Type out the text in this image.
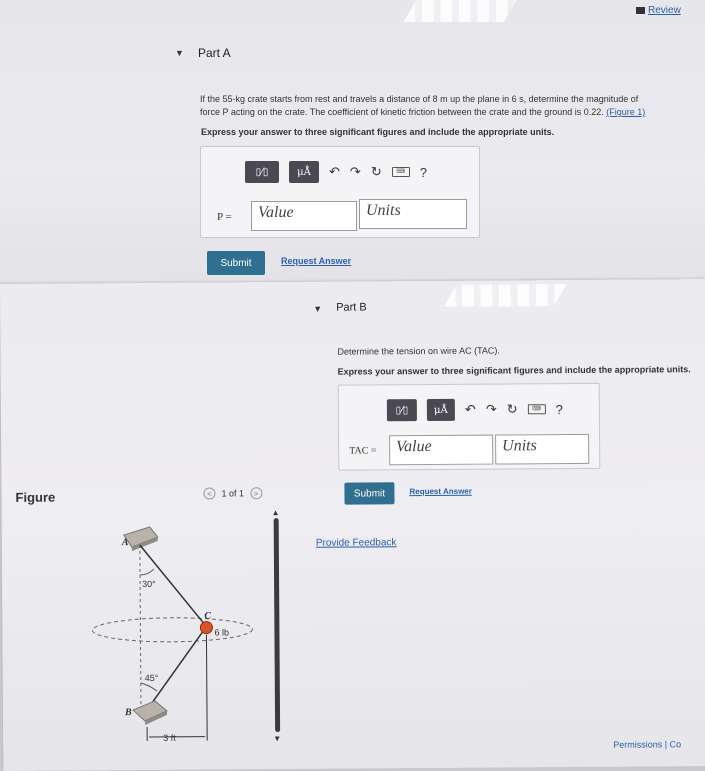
Review
▼ Part A
If the 55-kg crate starts from rest and travels a distance of 8 m up the plane in 6 s, determine the magnitude of
force P acting on the crate. The coefficient of kinetic friction between the crate and the ground is 0.22. (Figure 1)
Express your answer to three significant figures and include the appropriate units.
▯⁄▯	μÅ	↶ ↷ ↻	⌨	?
P =	Value	Units
Submit	Request Answer
▼ Part B
Determine the tension on wire AC (TAC).
Express your answer to three significant figures and include the appropriate units.
▯⁄▯	μÅ	↶ ↷ ↻	⌨	?
TAC =	Value	Units
Submit	Request Answer
Provide Feedback
Figure	<	1 of 1	>
▲
▼
A
B
C
30°
45°
6 lb
3 ft
Permissions | Co
